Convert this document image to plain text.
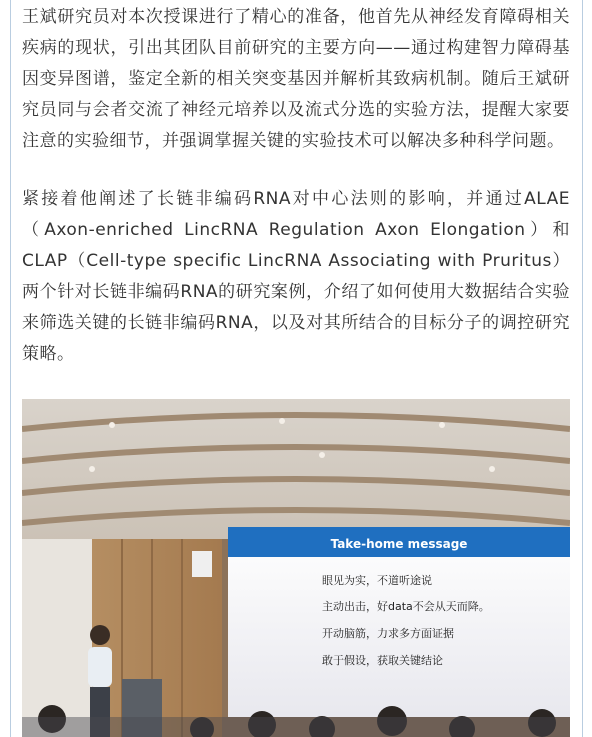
王斌研究员对本次授课进行了精心的准备，他首先从神经发育障碍相关疾病的现状，引出其团队目前研究的主要方向——通过构建智力障碍基因变异图谱，鉴定全新的相关突变基因并解析其致病机制。随后王斌研究员同与会者交流了神经元培养以及流式分选的实验方法，提醒大家要注意的实验细节，并强调掌握关键的实验技术可以解决多种科学问题。

紧接着他阐述了长链非编码RNA对中心法则的影响，并通过ALAE（Axon-enriched LincRNA Regulation Axon Elongation）和CLAP（Cell-type specific LincRNA Associating with Pruritus）两个针对长链非编码RNA的研究案例，介绍了如何使用大数据结合实验来筛选关键的长链非编码RNA，以及对其所结合的目标分子的调控研究策略。

Take-home message
眼见为实，不道听途说
主动出击，好data不会从天而降。
开动脑筋，力求多方面证据
敢于假设，获取关键结论
